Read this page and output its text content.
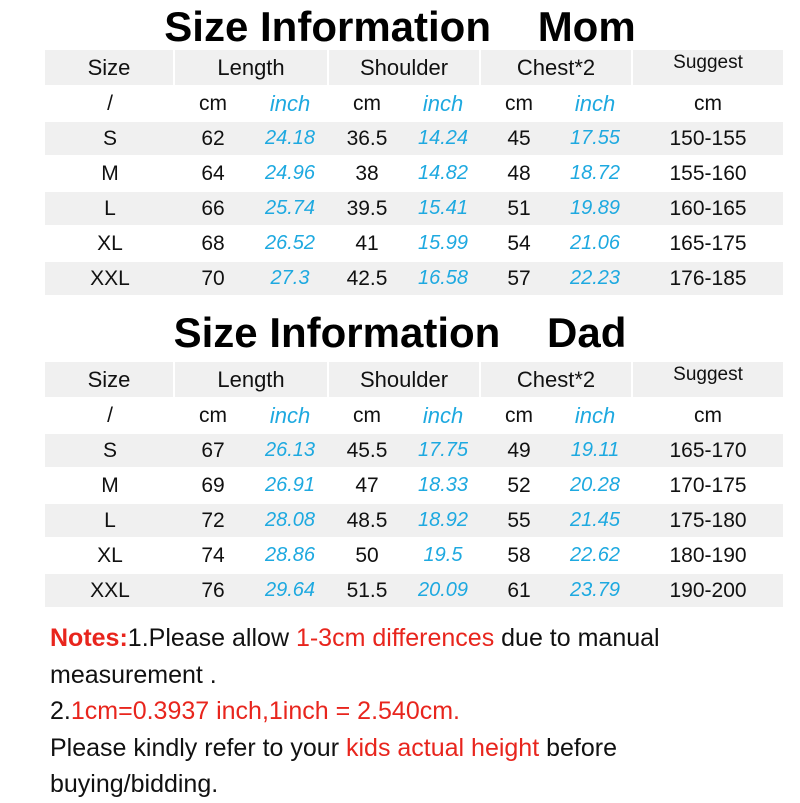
Size Information Mom
Size	Length		Shoulder		Chest*2		Suggest
/	cm	inch	cm	inch	cm	inch	cm
S	62	24.18	36.5	14.24	45	17.55	150-155
M	64	24.96	38	14.82	48	18.72	155-160
L	66	25.74	39.5	15.41	51	19.89	160-165
XL	68	26.52	41	15.99	54	21.06	165-175
XXL	70	27.3	42.5	16.58	57	22.23	176-185
Size Information Dad
Size	Length		Shoulder		Chest*2		Suggest
/	cm	inch	cm	inch	cm	inch	cm
S	67	26.13	45.5	17.75	49	19.11	165-170
M	69	26.91	47	18.33	52	20.28	170-175
L	72	28.08	48.5	18.92	55	21.45	175-180
XL	74	28.86	50	19.5	58	22.62	180-190
XXL	76	29.64	51.5	20.09	61	23.79	190-200
Notes:1.Please allow 1-3cm differences due to manual
measurement .
2.1cm=0.3937 inch,1inch = 2.540cm.
Please kindly refer to your kids actual height before
buying/bidding.
